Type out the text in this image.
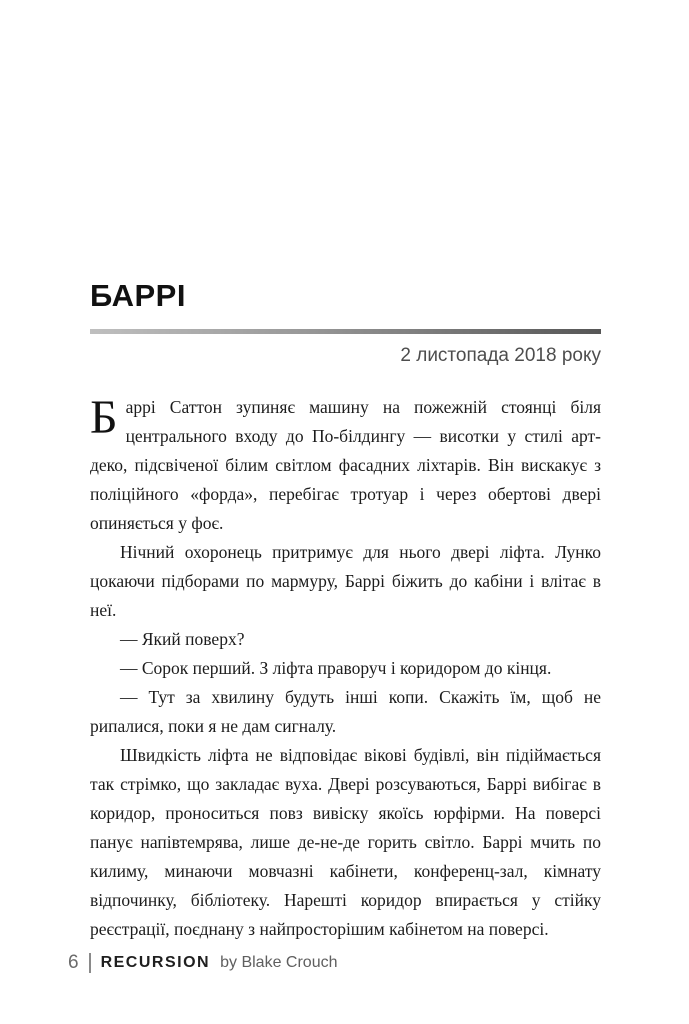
БАРРІ
2 листопада 2018 року

Баррі Саттон зупиняє машину на пожежній стоянці біля центрального входу до По-білдингу — висотки у стилі арт-деко, підсвіченої білим світлом фасадних ліхтарів. Він вискакує з поліційного «форда», перебігає тротуар і через обертові двері опиняється у фоє.

Нічний охоронець притримує для нього двері ліфта. Лунко цокаючи підборами по мармуру, Баррі біжить до кабіни і влітає в неї.

— Який поверх?

— Сорок перший. З ліфта праворуч і коридором до кінця.

— Тут за хвилину будуть інші копи. Скажіть їм, щоб не рипалися, поки я не дам сигналу.

Швидкість ліфта не відповідає вікові будівлі, він підіймається так стрімко, що закладає вуха. Двері розсуваються, Баррі вибігає в коридор, проноситься повз вивіску якоїсь юрфірми. На поверсі панує напівтемрява, лише де-не-де горить світло. Баррі мчить по килиму, минаючи мовчазні кабінети, конференц-зал, кімнату відпочинку, бібліотеку. Нарешті коридор впирається у стійку реєстрації, поєднану з найпросторішим кабінетом на поверсі.

6 RECURSION by Blake Crouch
